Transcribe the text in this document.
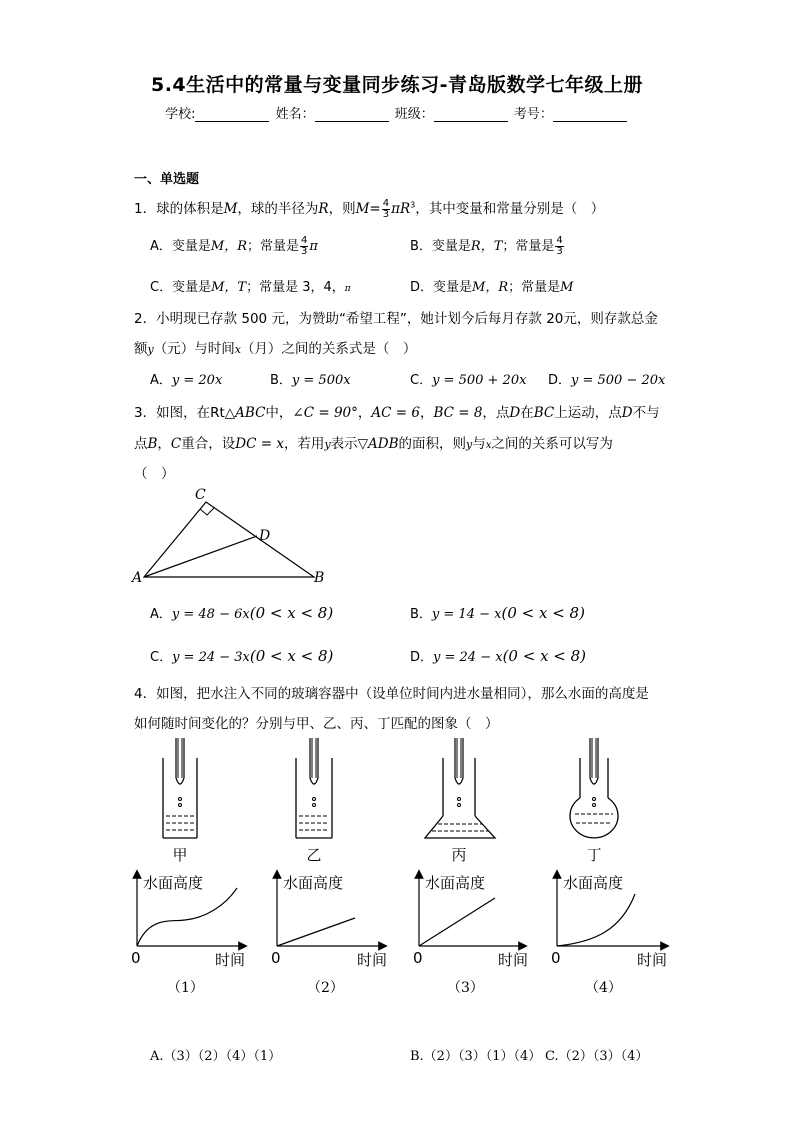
5.4生活中的常量与变量同步练习-青岛版数学七年级上册
学校:	姓名：	班级：	考号：
一、单选题
1．球的体积是M，球的半径为R，则$M= \frac{4}{3} \pi R^3$，其中变量和常量分别是（　）
A．变量是M，R；常量是 $\frac{4}{3}$ π	B．变量是R，T；常量是 $\frac{4}{3}$
C．变量是M，T；常量是 3，4，π	D．变量是M，R；常量是M
2．小明现已存款 500 元，为赞助“希望工程”，她计划今后每月存款 20元，则存款总金
额y（元）与时间x（月）之间的关系式是（　）
A．y = 20x	B．y = 500x	C．y = 500 + 20x D．y = 500 − 20x
3．如图，在Rt△ABC中，∠C = 90°，AC = 6，BC = 8，点D在BC上运动，点D不与
点B，C重合，设DC = x，若用y表示▽ADB的面积，则y与x之间的关系可以写为
（　）
A	B
C
D
A．y = 48 − 6x(0 < x < 8)	B．y = 14 − x(0 < x < 8)
C．y = 24 − 3x(0 < x < 8)	D．y = 24 − x(0 < x < 8)
4．如图，把水注入不同的玻璃容器中（设单位时间内进水量相同），那么水面的高度是
如何随时间变化的？分别与甲、乙、丙、丁匹配的图象（　）
甲	乙	丙	丁
水面高度	水面高度	水面高度	水面高度
时间	时间	时间	时间
0	0	0	0
（1）	（2）	（3）	（4）
A.（3）（2）（4）（1）	B.（2）（3）（1）（4） C.（2）（3）（4）
